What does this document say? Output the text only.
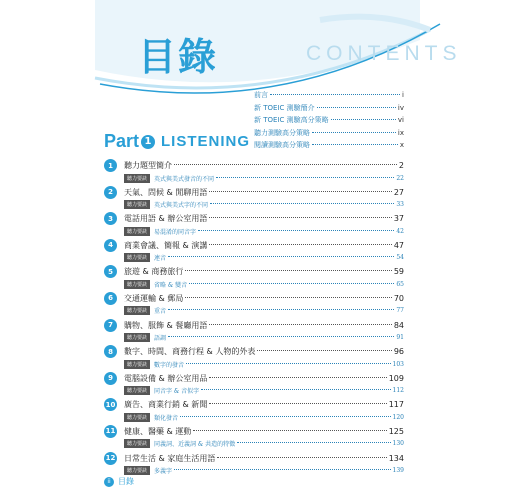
目錄	CONTENTS
前言	i
新 TOEIC 測驗簡介	iv
新 TOEIC 測驗高分策略	vi
聽力測驗高分策略	ix
閱讀測驗高分策略	x
Part 1 LISTENING
1	聽力題型簡介	2
聽力要訣	英式與美式發音的不同	22
2	天氣、問候 & 閒聊用語	27
聽力要訣	英式與美式字的不同	33
3	電話用語 & 辦公室用語	37
聽力要訣	易混淆的同音字	42
4	商業會議、簡報 & 演講	47
聽力要訣	連音	54
5	旅遊 & 商務旅行	59
聽力要訣	省略 & 變音	65
6	交通運輸 & 郵局	70
聽力要訣	重音	77
7	購物、服飾 & 餐廳用語	84
聽力要訣	語調	91
8	數字、時間、商務行程 & 人物的外表	96
聽力要訣	數字的發音	103
9	電腦設備 & 辦公室用品	109
聽力要訣	同音字 & 音似字	112
10 廣告、商業行銷 & 新聞	117
聽力要訣	類化發音	120
11 健康、醫藥 & 運動	125
聽力要訣	同義詞、近義詞 & 共造的特徵	130
12 日常生活 & 家庭生活用語	134
聽力要訣	多義字	139
ii 目錄
